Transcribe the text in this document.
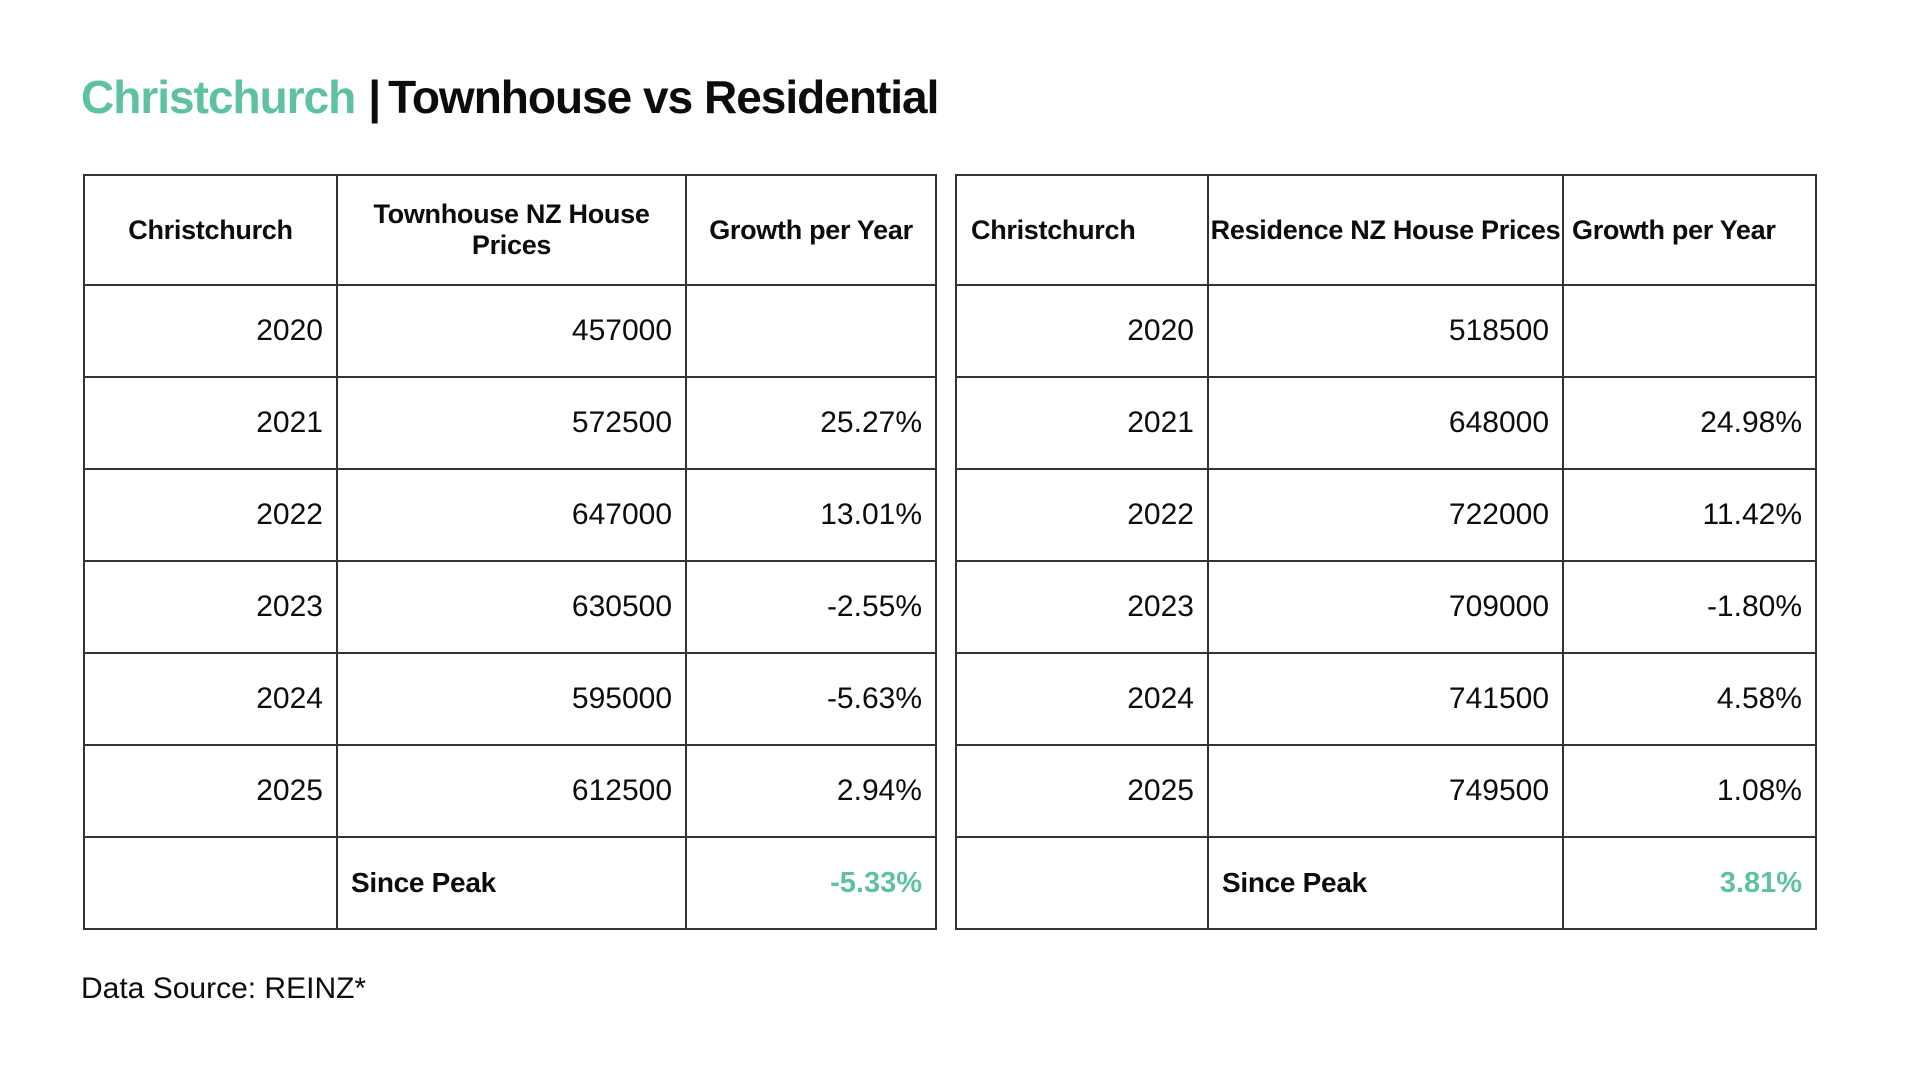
Christchurch | Townhouse vs Residential
Christchurch	Townhouse NZ House Prices	Growth per Year
2020	457000	
2021	572500	25.27%
2022	647000	13.01%
2023	630500	-2.55%
2024	595000	-5.63%
2025	612500	2.94%
	Since Peak	-5.33%
Christchurch	Residence NZ House Prices	Growth per Year
2020	518500	
2021	648000	24.98%
2022	722000	11.42%
2023	709000	-1.80%
2024	741500	4.58%
2025	749500	1.08%
	Since Peak	3.81%
Data Source: REINZ*
